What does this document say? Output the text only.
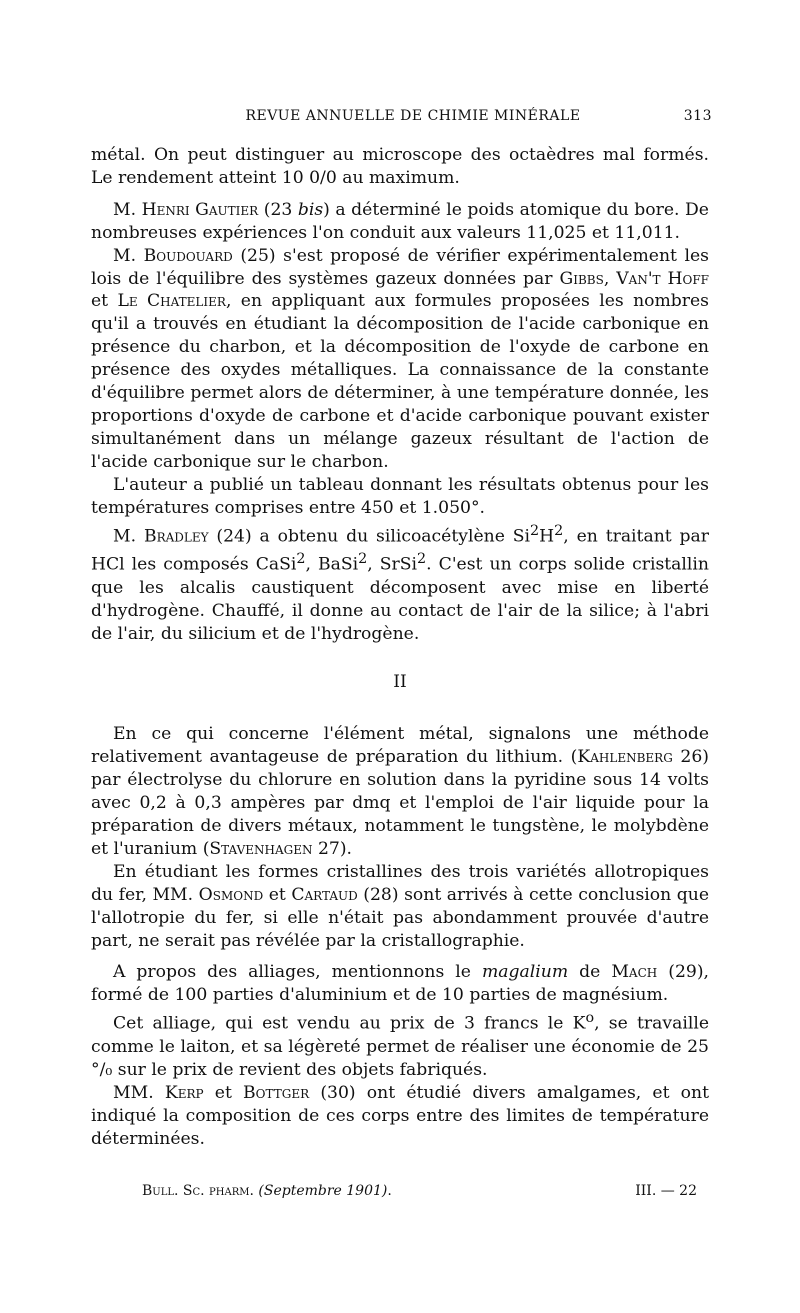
REVUE ANNUELLE DE CHIMIE MINÉRALE	313

métal. On peut distinguer au microscope des octaèdres mal formés. Le rendement atteint 10 0/0 au maximum.

M. Henri Gautier (23 bis) a déterminé le poids atomique du bore. De nombreuses expériences l'on conduit aux valeurs 11,025 et 11,011.

M. Boudouard (25) s'est proposé de vérifier expérimentalement les lois de l'équilibre des systèmes gazeux données par Gibbs, Van't Hoff et Le Chatelier, en appliquant aux formules proposées les nombres qu'il a trouvés en étudiant la décomposition de l'acide carbonique en présence du charbon, et la décomposition de l'oxyde de carbone en présence des oxydes métalliques. La connaissance de la constante d'équilibre permet alors de déterminer, à une température donnée, les proportions d'oxyde de carbone et d'acide carbonique pouvant exister simultanément dans un mélange gazeux résultant de l'action de l'acide carbonique sur le charbon.

L'auteur a publié un tableau donnant les résultats obtenus pour les températures comprises entre 450 et 1.050°.

M. Bradley (24) a obtenu du silicoacétylène $Si^2H^2$, en traitant par HCl les composés CaSi$^2$, BaSi$^2$, SrSi$^2$. C'est un corps solide cristallin que les alcalis caustiquent décomposent avec mise en liberté d'hydrogène. Chauffé, il donne au contact de l'air de la silice; à l'abri de l'air, du silicium et de l'hydrogène.

II

En ce qui concerne l'élément métal, signalons une méthode relativement avantageuse de préparation du lithium. (Kahlenberg 26) par électrolyse du chlorure en solution dans la pyridine sous 14 volts avec 0,2 à 0,3 ampères par dmq et l'emploi de l'air liquide pour la préparation de divers métaux, notamment le tungstène, le molybdène et l'uranium (Stavenhagen 27).

En étudiant les formes cristallines des trois variétés allotropiques du fer, MM. Osmond et Cartaud (28) sont arrivés à cette conclusion que l'allotropie du fer, si elle n'était pas abondamment prouvée d'autre part, ne serait pas révélée par la cristallographie.

A propos des alliages, mentionnons le magalium de Mach (29), formé de 100 parties d'aluminium et de 10 parties de magnésium.

Cet alliage, qui est vendu au prix de 3 francs le $K^o$, se travaille comme le laiton, et sa légèreté permet de réaliser une économie de 25 °/₀ sur le prix de revient des objets fabriqués.

MM. Kerp et Bottger (30) ont étudié divers amalgames, et ont indiqué la composition de ces corps entre des limites de température déterminées.

Bull. Sc. pharm. (Septembre 1901).	III. — 22
